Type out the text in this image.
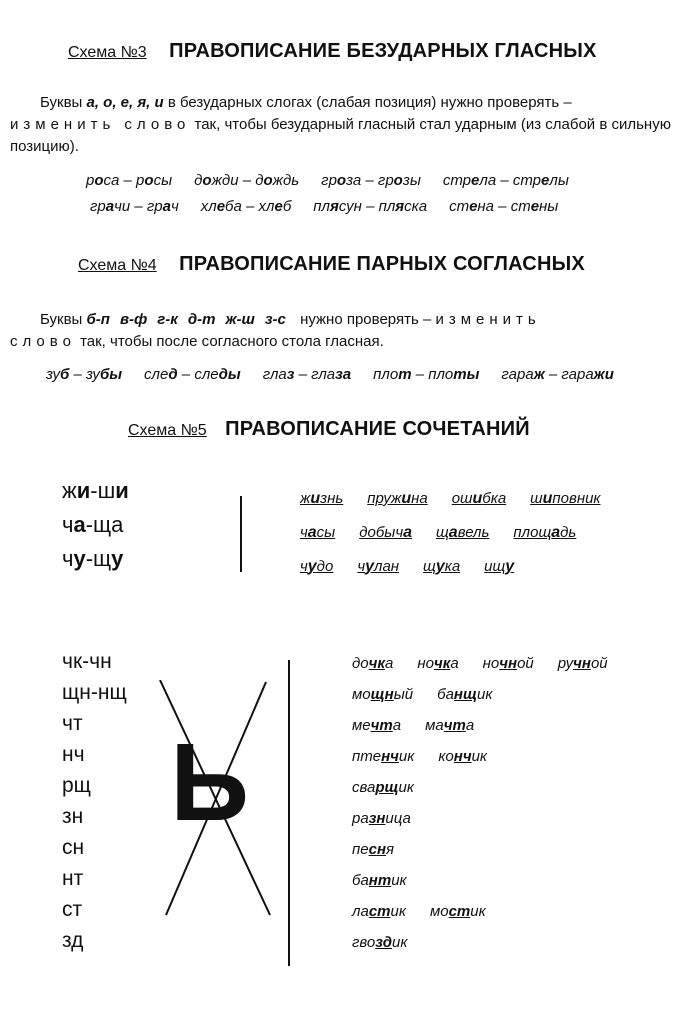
Схема №3 ПРАВОПИСАНИЕ БЕЗУДАРНЫХ ГЛАСНЫХ
Буквы а, о, е, я, и в безударных слогах (слабая позиция) нужно проверять –
изменить слово так, чтобы безударный гласный стал ударным (из слабой в сильную позицию).
роса – росы дожди – дождь гроза – грозы стрела – стрелы
грачи – грач хлеба – хлеб плясун – пляска стена – стены
Схема №4 ПРАВОПИСАНИЕ ПАРНЫХ СОГЛАСНЫХ
Буквы б-п в-ф г-к д-т ж-ш з-с нужно проверять – изменить
слово так, чтобы после согласного стола гласная.
зуб – зубы след – следы глаз – глаза плот – плоты гараж – гаражи
Схема №5 ПРАВОПИСАНИЕ СОЧЕТАНИЙ
жи-ши
ча-ща
чу-щу
жизнь пружина ошибка шиповник
часы добыча щавель площадь
чудо чулан щука ищу
чк-чн
щн-нщ
чт
нч
рщ
зн
сн
нт
ст
зд
Ь
дочка ночка ночной ручной
мощный банщик
мечта мачта
птенчик кончик
сварщик
разница
песня
бантик
ластик мостик
гвоздик
